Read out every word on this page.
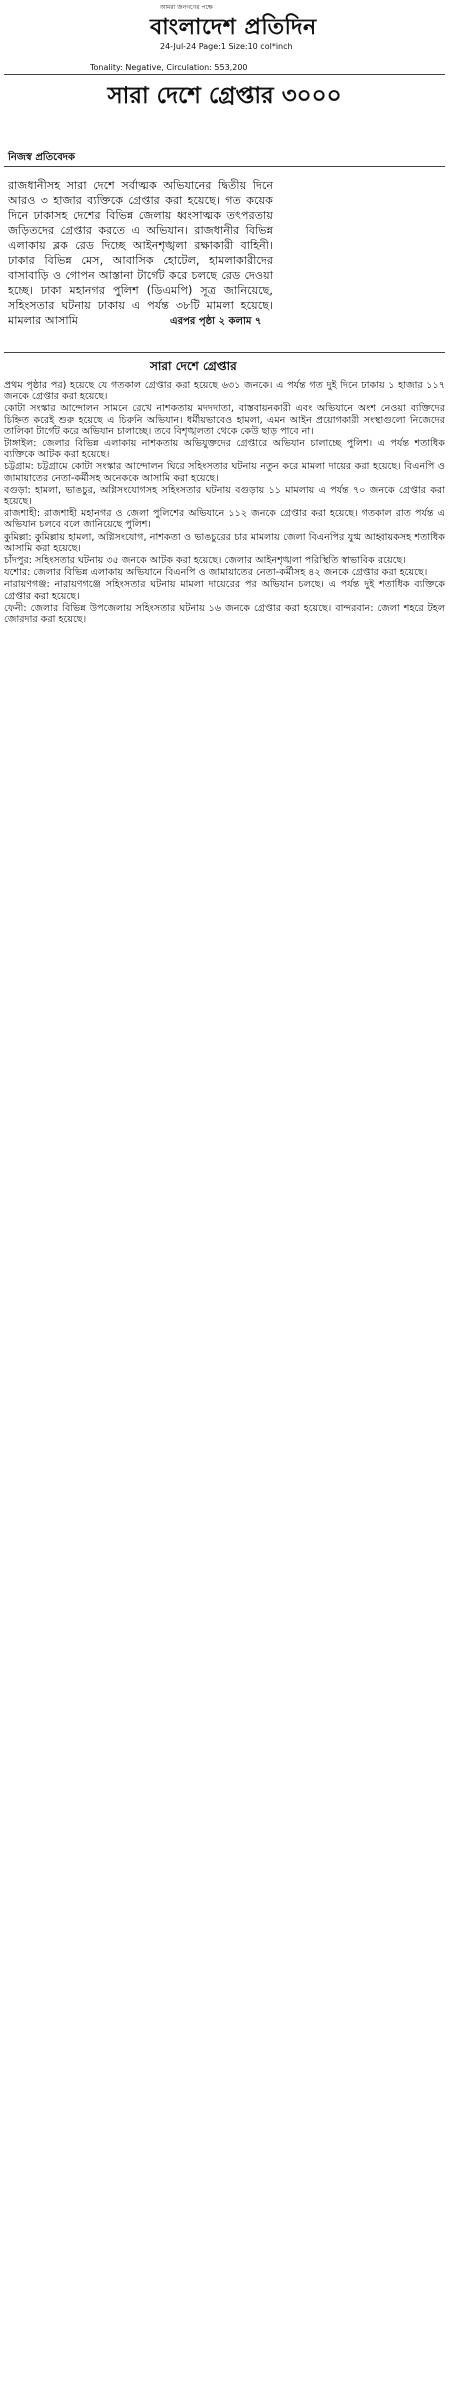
আমরা জনগণের পক্ষে
বাংলাদেশ প্রতিদিন
24-Jul-24 Page:1 Size:10 col*inch
Tonality: Negative, Circulation: 553,200
সারা দেশে গ্রেপ্তার ৩০০০
নিজস্ব প্রতিবেদক
রাজধানীসহ সারা দেশে সর্বাত্মক অভিযানের দ্বিতীয় দিনে আরও ৩ হাজার ব্যক্তিকে গ্রেপ্তার করা হয়েছে। গত কয়েক দিনে ঢাকাসহ দেশের বিভিন্ন জেলায় ধ্বংসাত্মক তৎপরতায় জড়িতদের গ্রেপ্তার করতে এ অভিযান। রাজধানীর বিভিন্ন এলাকায় ব্লক রেড দিচ্ছে আইনশৃঙ্খলা রক্ষাকারী বাহিনী। ঢাকার বিভিন্ন মেস, আবাসিক হোটেল, হামলাকারীদের বাসাবাড়ি ও গোপন আস্তানা টার্গেট করে চলছে রেড দেওয়া হচ্ছে। ঢাকা মহানগর পুলিশ (ডিএমপি) সূত্র জানিয়েছে, সহিংসতার ঘটনায় ঢাকায় এ পর্যন্ত ৩৮টি মামলা হয়েছে। মামলার আসামি	এরপর পৃষ্ঠা ২ কলাম ৭
সারা দেশে গ্রেপ্তার

প্রথম পৃষ্ঠার পর) হয়েছে যে গতকাল গ্রেপ্তার করা হয়েছে ৬৩১ জনকে। এ পর্যন্ত গত দুই দিনে ঢাকায় ১ হাজার ১১৭ জনকে গ্রেপ্তার করা হয়েছে।

কোটা সংস্কার আন্দোলন সামনে রেখে নাশকতায় মদদদাতা, বাস্তবায়নকারী এবং অভিযানে অংশ নেওয়া ব্যক্তিদের চিহ্নিত করেই শুরু হয়েছে এ চিরুনি অভিযান। ধর্মীয়ভাবেও হামলা, এমন আইন প্রয়োগকারী সংস্থাগুলো নিজেদের তালিকা টার্গেট করে অভিযান চালাচ্ছে। তবে বিশৃঙ্খলতা থেকে কেউ ছাড় পাবে না।

টাঙ্গাইল: জেলার বিভিন্ন এলাকায় নাশকতায় অভিযুক্তদের গ্রেপ্তারে অভিযান চালাচ্ছে পুলিশ। এ পর্যন্ত শতাধিক ব্যক্তিকে আটক করা হয়েছে।

চট্টগ্রাম: চট্টগ্রামে কোটা সংস্কার আন্দোলন ঘিরে সহিংসতার ঘটনায় নতুন করে মামলা দায়ের করা হয়েছে। বিএনপি ও জামায়াতের নেতা-কর্মীসহ অনেককে আসামি করা হয়েছে।

বগুড়া: হামলা, ভাঙচুর, অগ্নিসংযোগসহ সহিংসতার ঘটনায় বগুড়ায় ১১ মামলায় এ পর্যন্ত ৭০ জনকে গ্রেপ্তার করা হয়েছে।

রাজশাহী: রাজশাহী মহানগর ও জেলা পুলিশের অভিযানে ১১২ জনকে গ্রেপ্তার করা হয়েছে। গতকাল রাত পর্যন্ত এ অভিযান চলবে বলে জানিয়েছে পুলিশ।

কুমিল্লা: কুমিল্লায় হামলা, অগ্নিসংযোগ, নাশকতা ও ভাঙচুরের চার মামলায় জেলা বিএনপির যুগ্ম আহ্বায়কসহ শতাধিক আসামি করা হয়েছে।

চাঁদপুর: সহিংসতার ঘটনায় ৩৫ জনকে আটক করা হয়েছে। জেলার আইনশৃঙ্খলা পরিস্থিতি স্বাভাবিক রয়েছে।

যশোর: জেলার বিভিন্ন এলাকায় অভিযানে বিএনপি ও জামায়াতের নেতা-কর্মীসহ ৪২ জনকে গ্রেপ্তার করা হয়েছে।

নারায়ণগঞ্জ: নারায়ণগঞ্জে সহিংসতার ঘটনায় মামলা দায়েরের পর অভিযান চলছে। এ পর্যন্ত দুই শতাধিক ব্যক্তিকে গ্রেপ্তার করা হয়েছে।

ফেনী: জেলার বিভিন্ন উপজেলায় সহিংসতার ঘটনায় ১৬ জনকে গ্রেপ্তার করা হয়েছে। বান্দরবান: জেলা শহরে টহল জোরদার করা হয়েছে।
